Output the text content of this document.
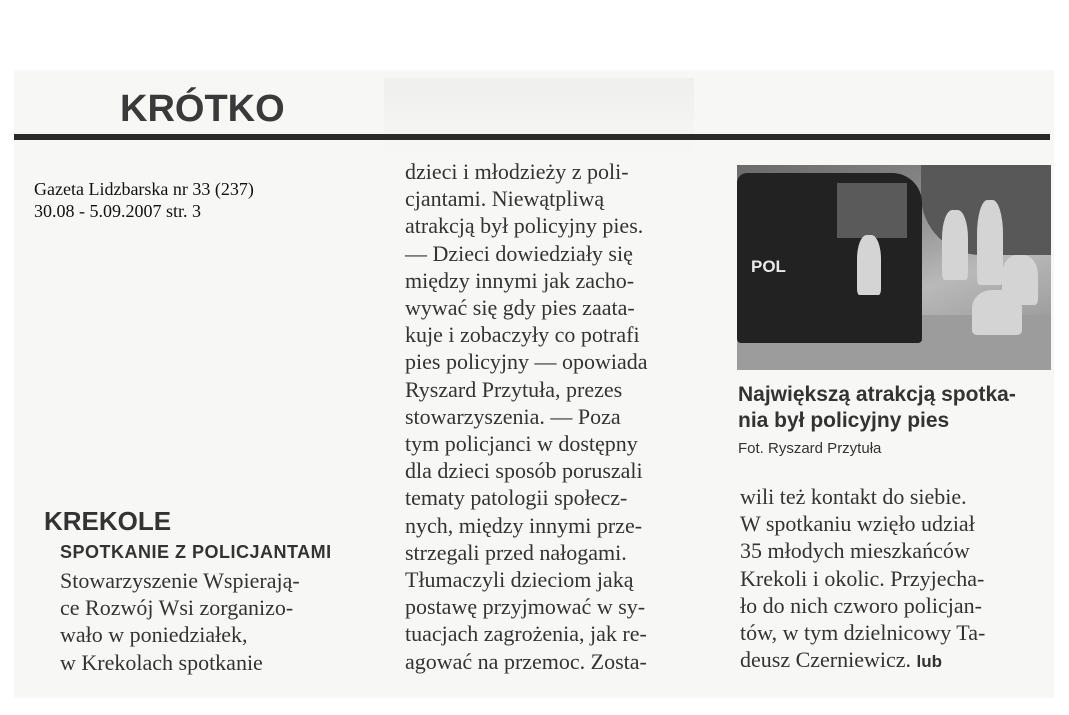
KRÓTKO
Gazeta Lidzbarska nr 33 (237)
30.08 - 5.09.2007 str. 3
KREKOLE
SPOTKANIE Z POLICJANTAMI
Stowarzyszenie Wspierają-
ce Rozwój Wsi zorganizo-
wało w poniedziałek,
w Krekolach spotkanie
dzieci i młodzieży z poli-
cjantami. Niewątpliwą
atrakcją był policyjny pies.
— Dzieci dowiedziały się
między innymi jak zacho-
wywać się gdy pies zaata-
kuje i zobaczyły co potrafi
pies policyjny — opowiada
Ryszard Przytuła, prezes
stowarzyszenia. — Poza
tym policjanci w dostępny
dla dzieci sposób poruszali
tematy patologii społecz-
nych, między innymi prze-
strzegali przed nałogami.
Tłumaczyli dzieciom jaką
postawę przyjmować w sy-
tuacjach zagrożenia, jak re-
agować na przemoc. Zosta-
POL
Największą atrakcją spotka-
nia był policyjny pies
Fot. Ryszard Przytuła
wili też kontakt do siebie.
W spotkaniu wzięło udział
35 młodych mieszkańców
Krekoli i okolic. Przyjecha-
ło do nich czworo policjan-
tów, w tym dzielnicowy Ta-
deusz Czerniewicz. lub
